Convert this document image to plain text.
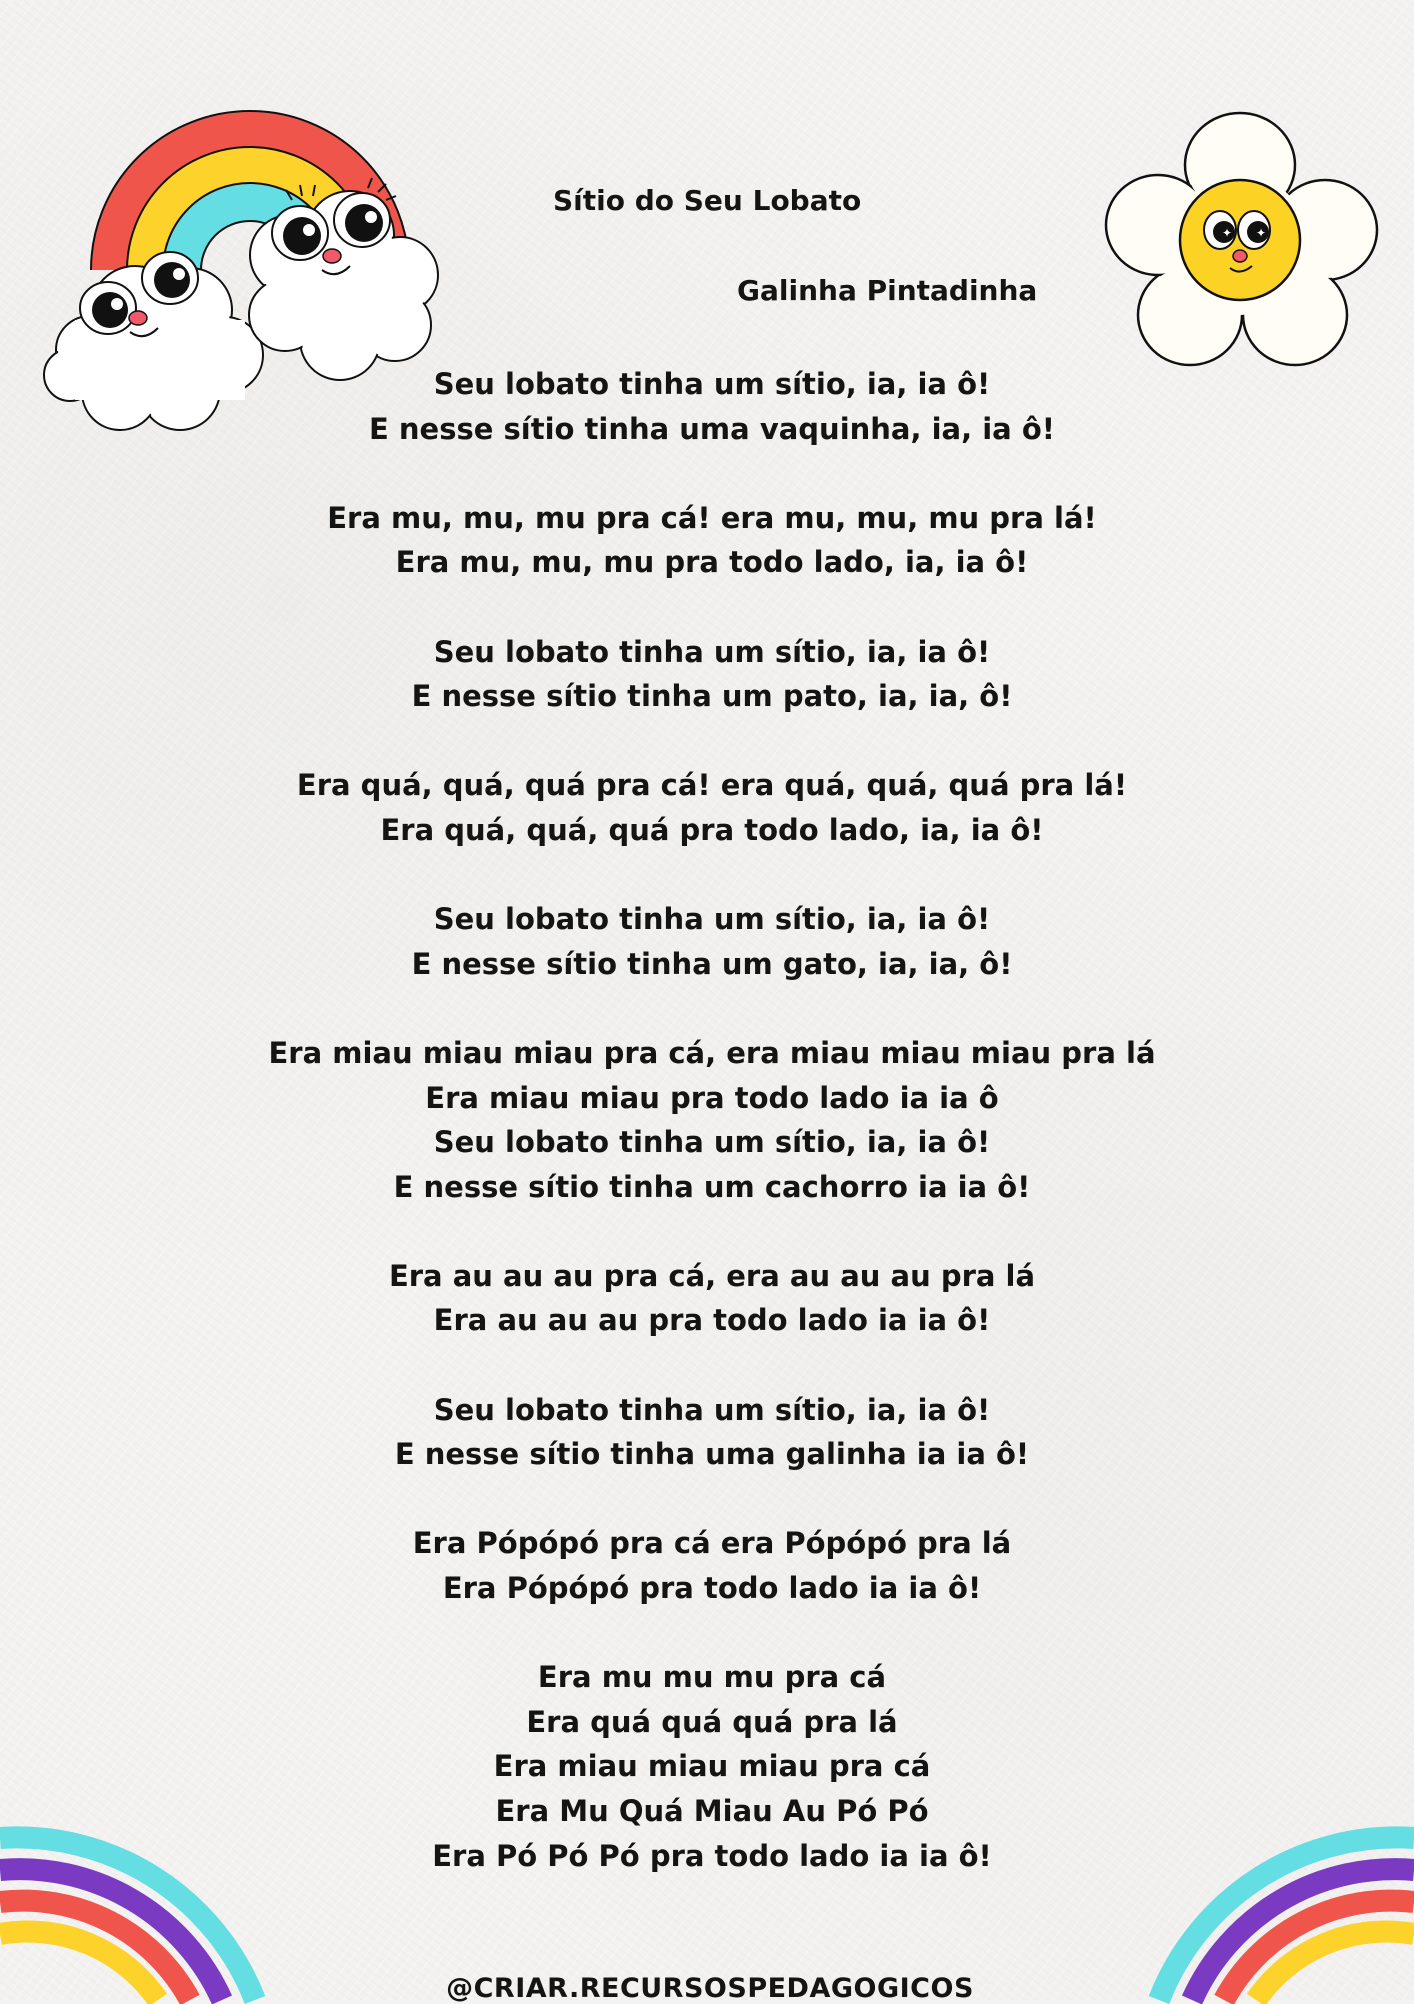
✦ ✦
Sítio do Seu Lobato
Galinha Pintadinha

Seu lobato tinha um sítio, ia, ia ô!

E nesse sítio tinha uma vaquinha, ia, ia ô!

Era mu, mu, mu pra cá! era mu, mu, mu pra lá!

Era mu, mu, mu pra todo lado, ia, ia ô!

Seu lobato tinha um sítio, ia, ia ô!

E nesse sítio tinha um pato, ia, ia, ô!

Era quá, quá, quá pra cá! era quá, quá, quá pra lá!

Era quá, quá, quá pra todo lado, ia, ia ô!

Seu lobato tinha um sítio, ia, ia ô!

E nesse sítio tinha um gato, ia, ia, ô!

Era miau miau miau pra cá, era miau miau miau pra lá

Era miau miau pra todo lado ia ia ô

Seu lobato tinha um sítio, ia, ia ô!

E nesse sítio tinha um cachorro ia ia ô!

Era au au au pra cá, era au au au pra lá

Era au au au pra todo lado ia ia ô!

Seu lobato tinha um sítio, ia, ia ô!

E nesse sítio tinha uma galinha ia ia ô!

Era Pópópó pra cá era Pópópó pra lá

Era Pópópó pra todo lado ia ia ô!

Era mu mu mu pra cá

Era quá quá quá pra lá

Era miau miau miau pra cá

Era Mu Quá Miau Au Pó Pó

Era Pó Pó Pó pra todo lado ia ia ô!

@CRIAR.RECURSOSPEDAGOGICOS
